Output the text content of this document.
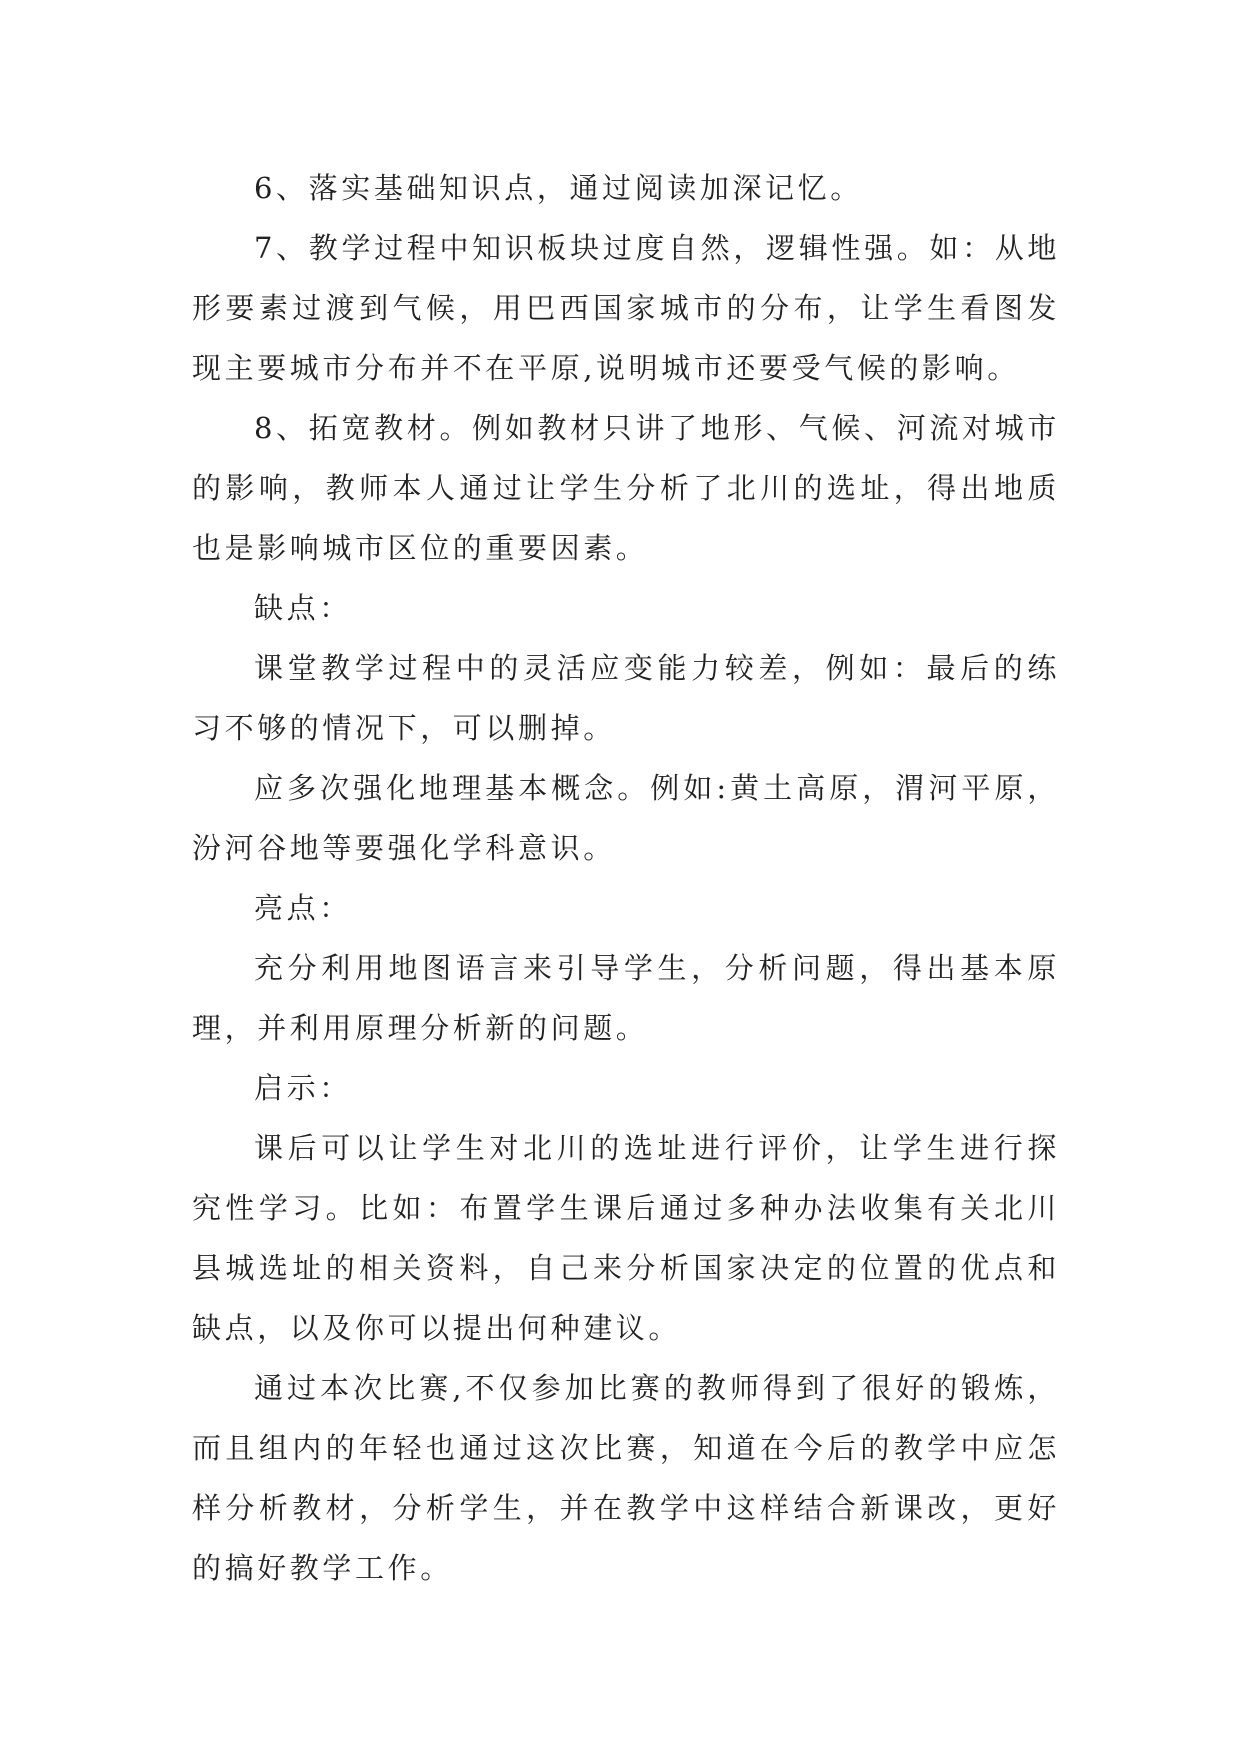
6、落实基础知识点，通过阅读加深记忆。

7、教学过程中知识板块过度自然，逻辑性强。如：从地形要素过渡到气候，用巴西国家城市的分布，让学生看图发现主要城市分布并不在平原,说明城市还要受气候的影响。

8、拓宽教材。例如教材只讲了地形、气候、河流对城市的影响，教师本人通过让学生分析了北川的选址，得出地质也是影响城市区位的重要因素。

缺点：

课堂教学过程中的灵活应变能力较差，例如：最后的练习不够的情况下，可以删掉。

应多次强化地理基本概念。例如:黄土高原，渭河平原，汾河谷地等要强化学科意识。

亮点：

充分利用地图语言来引导学生，分析问题，得出基本原理，并利用原理分析新的问题。

启示：

课后可以让学生对北川的选址进行评价，让学生进行探究性学习。比如：布置学生课后通过多种办法收集有关北川县城选址的相关资料，自己来分析国家决定的位置的优点和缺点，以及你可以提出何种建议。

通过本次比赛,不仅参加比赛的教师得到了很好的锻炼，而且组内的年轻也通过这次比赛，知道在今后的教学中应怎样分析教材，分析学生，并在教学中这样结合新课改，更好的搞好教学工作。
